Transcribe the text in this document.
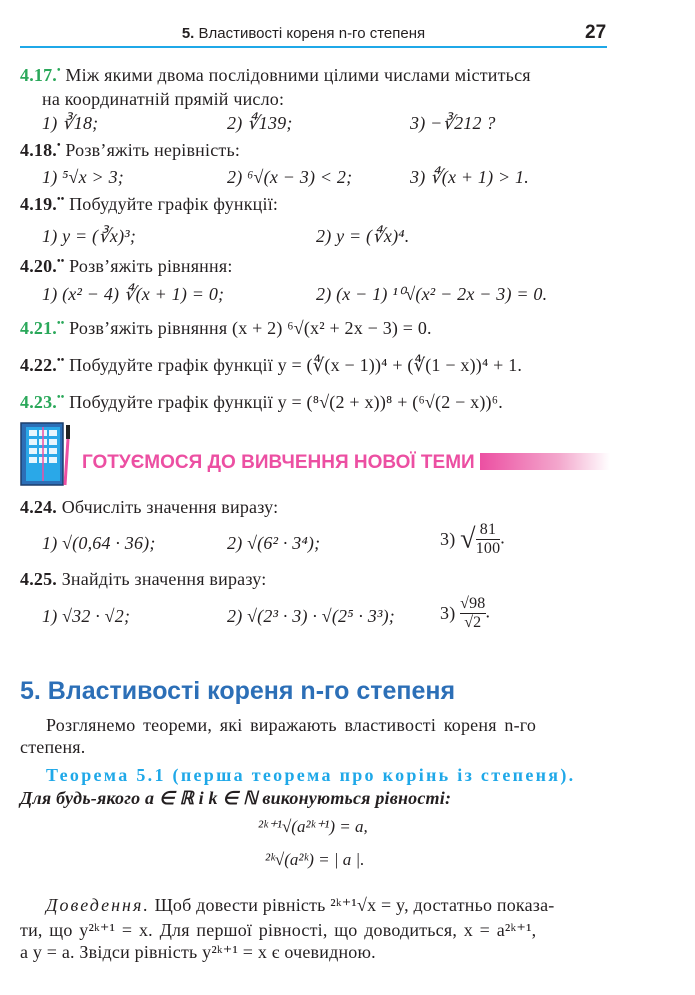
5. Властивості кореня n-го степеня	27
4.17.• Між якими двома послідовними цілими числами міститься
на координатній прямій число:
1) ∛18;	2) ∜139;	3) −∛212 ?
4.18.• Розв’яжіть нерівність:
1) ⁵√x > 3;	2) ⁶√(x − 3) < 2;	3) ∜(x + 1) > 1.
4.19.•• Побудуйте графік функції:
1) y = (∛x)³;	2) y = (∜x)⁴.
4.20.•• Розв’яжіть рівняння:
1) (x² − 4) ∜(x + 1) = 0;	2) (x − 1) ¹⁰√(x² − 2x − 3) = 0.
4.21.•• Розв’яжіть рівняння (x + 2) ⁶√(x² + 2x − 3) = 0.
4.22.•• Побудуйте графік функції y = (∜(x − 1))⁴ + (∜(1 − x))⁴ + 1.
4.23.•• Побудуйте графік функції y = (⁸√(2 + x))⁸ + (⁶√(2 − x))⁶.
ГОТУЄМОСЯ ДО ВИВЧЕННЯ НОВОЇ ТЕМИ
4.24. Обчисліть значення виразу:
1) √(0,64 · 36);	2) √(6² · 3⁴);	3) √ $\frac{81}{100}$ .
4.25. Знайдіть значення виразу:
1) √32 · √2;	2) √(2³ · 3) · √(2⁵ · 3³);	$3) \frac{√98}{√2}$ .
5. Властивості кореня n-го степеня
Розглянемо теореми, які виражають властивості кореня n-го
степеня.
Теорема 5.1 (перша теорема про корінь із степеня).
Для будь-якого a ∈ ℝ і k ∈ ℕ виконуються рівності:
²ᵏ⁺¹√(a²ᵏ⁺¹) = a,
²ᵏ√(a²ᵏ) = | a |.
Доведення. Щоб довести рівність ²ᵏ⁺¹√x = y, достатньо показа-
ти, що y²ᵏ⁺¹ = x. Для першої рівності, що доводиться, x = a²ᵏ⁺¹,
а y = a. Звідси рівність y²ᵏ⁺¹ = x є очевидною.
